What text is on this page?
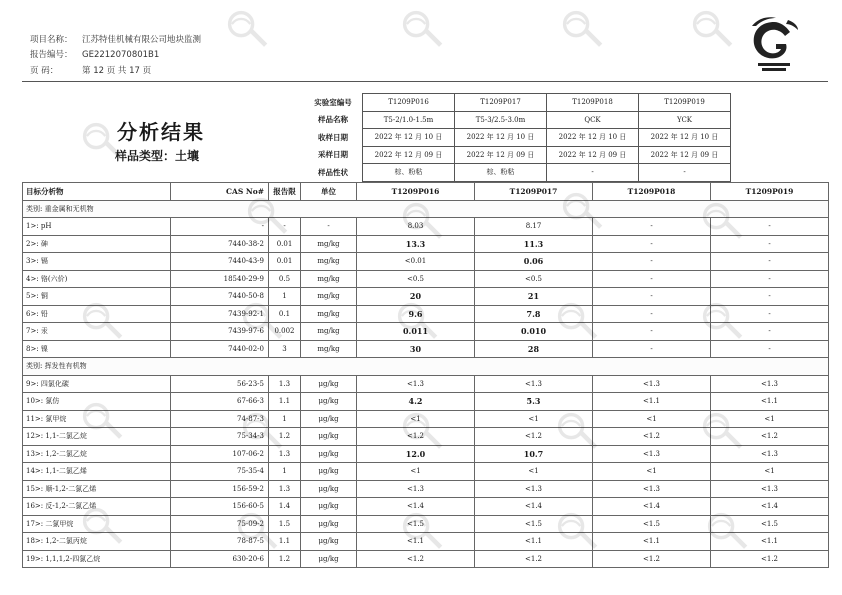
项目名称： 江苏特佳机械有限公司地块监测
报告编号： GE2212070801B1
页 码：	第 12 页 共 17 页
分析结果
样品类型：土壤
实验室编号	T1209P016	T1209P017	T1209P018	T1209P019
样品名称	T5-2/1.0-1.5m	T5-3/2.5-3.0m	QCK	YCK
收样日期	2022 年 12 月 10 日	2022 年 12 月 10 日	2022 年 12 月 10 日	2022 年 12 月 10 日
采样日期	2022 年 12 月 09 日	2022 年 12 月 09 日	2022 年 12 月 09 日	2022 年 12 月 09 日
样品性状	棕、粉粘	棕、粉粘	-	-
目标分析物	CAS No#	报告限	单位	T1209P016	T1209P017	T1209P018	T1209P019
类别: 重金属和无机物							
1>: pH	-	-	-	8.03	8.17	-	-
2>: 砷	7440-38-2	0.01	mg/kg	13.3	11.3	-	-
3>: 镉	7440-43-9	0.01	mg/kg	<0.01	0.06	-	-
4>: 铬(六价)	18540-29-9	0.5	mg/kg	<0.5	<0.5	-	-
5>: 铜	7440-50-8	1	mg/kg	20	21	-	-
6>: 铅	7439-92-1	0.1	mg/kg	9.6	7.8	-	-
7>: 汞	7439-97-6	0.002	mg/kg	0.011	0.010	-	-
8>: 镍	7440-02-0	3	mg/kg	30	28	-	-
类别: 挥发性有机物							
9>: 四氯化碳	56-23-5	1.3	μg/kg	<1.3	<1.3	<1.3	<1.3
10>: 氯仿	67-66-3	1.1	μg/kg	4.2	5.3	<1.1	<1.1
11>: 氯甲烷	74-87-3	1	μg/kg	<1	<1	<1	<1
12>: 1,1-二氯乙烷	75-34-3	1.2	μg/kg	<1.2	<1.2	<1.2	<1.2
13>: 1,2-二氯乙烷	107-06-2	1.3	μg/kg	12.0	10.7	<1.3	<1.3
14>: 1,1-二氯乙烯	75-35-4	1	μg/kg	<1	<1	<1	<1
15>: 顺-1,2-二氯乙烯	156-59-2	1.3	μg/kg	<1.3	<1.3	<1.3	<1.3
16>: 反-1,2-二氯乙烯	156-60-5	1.4	μg/kg	<1.4	<1.4	<1.4	<1.4
17>: 二氯甲烷	75-09-2	1.5	μg/kg	<1.5	<1.5	<1.5	<1.5
18>: 1,2-二氯丙烷	78-87-5	1.1	μg/kg	<1.1	<1.1	<1.1	<1.1
19>: 1,1,1,2-四氯乙烷	630-20-6	1.2	μg/kg	<1.2	<1.2	<1.2	<1.2
